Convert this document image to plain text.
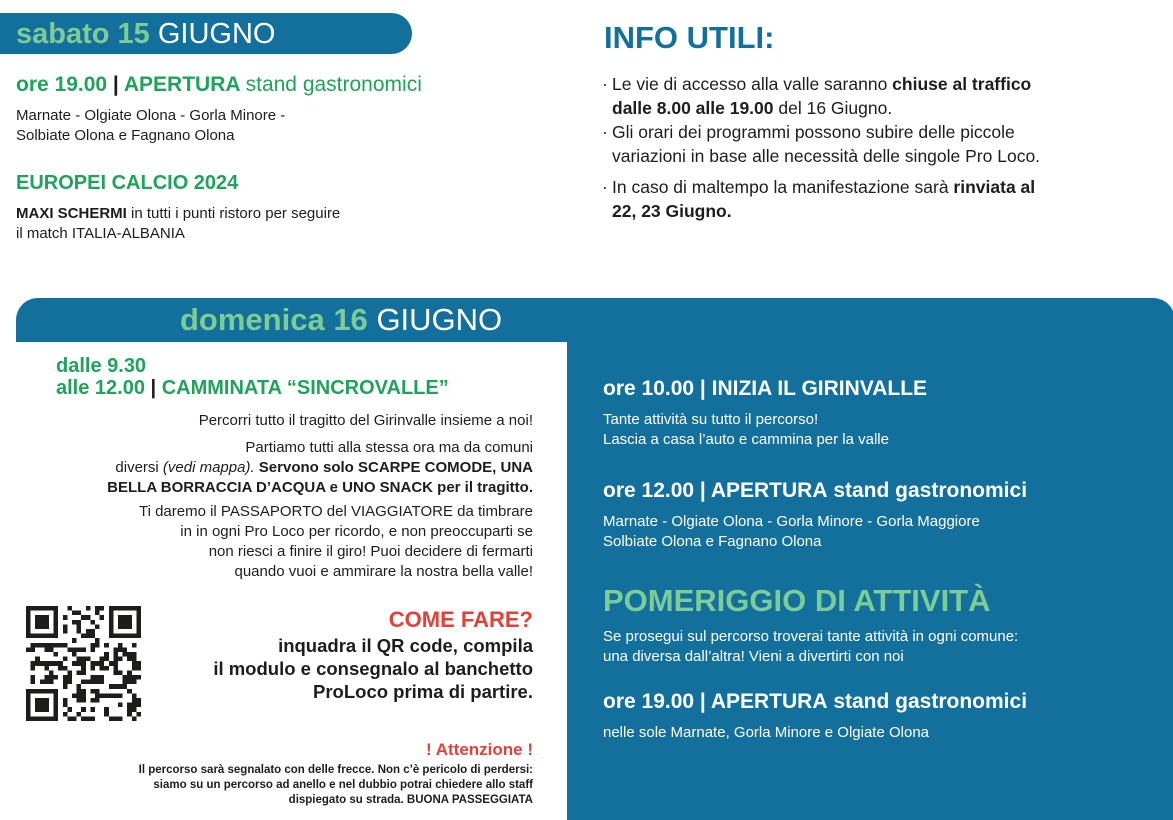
sabato 15 GIUGNO
ore 19.00 | APERTURA stand gastronomici
Marnate - Olgiate Olona - Gorla Minore -
Solbiate Olona e Fagnano Olona
EUROPEI CALCIO 2024
MAXI SCHERMI in tutti i punti ristoro per seguire
il match ITALIA-ALBANIA
INFO UTILI:
· Le vie di accesso alla valle saranno chiuse al traffico
dalle 8.00 alle 19.00 del 16 Giugno.
· Gli orari dei programmi possono subire delle piccole
variazioni in base alle necessità delle singole Pro Loco.
· In caso di maltempo la manifestazione sarà rinviata al
22, 23 Giugno.
domenica 16 GIUGNO
dalle 9.30
alle 12.00 | CAMMINATA “SINCROVALLE”
Percorri tutto il tragitto del Girinvalle insieme a noi!
Partiamo tutti alla stessa ora ma da comuni
diversi (vedi mappa). Servono solo SCARPE COMODE, UNA
BELLA BORRACCIA D’ACQUA e UNO SNACK per il tragitto.
Ti daremo il PASSAPORTO del VIAGGIATORE da timbrare
in in ogni Pro Loco per ricordo, e non preoccuparti se
non riesci a finire il giro! Puoi decidere di fermarti
quando vuoi e ammirare la nostra bella valle!
COME FARE?
inquadra il QR code, compila
il modulo e consegnalo al banchetto
ProLoco prima di partire.
! Attenzione !
Il percorso sarà segnalato con delle frecce. Non c’è pericolo di perdersi:
siamo su un percorso ad anello e nel dubbio potrai chiedere allo staff
dispiegato su strada. BUONA PASSEGGIATA
ore 10.00 | INIZIA IL GIRINVALLE
Tante attività su tutto il percorso!
Lascia a casa l’auto e cammina per la valle
ore 12.00 | APERTURA stand gastronomici
Marnate - Olgiate Olona - Gorla Minore - Gorla Maggiore
Solbiate Olona e Fagnano Olona
POMERIGGIO DI ATTIVITÀ
Se prosegui sul percorso troverai tante attività in ogni comune:
una diversa dall’altra! Vieni a divertirti con noi
ore 19.00 | APERTURA stand gastronomici
nelle sole Marnate, Gorla Minore e Olgiate Olona
